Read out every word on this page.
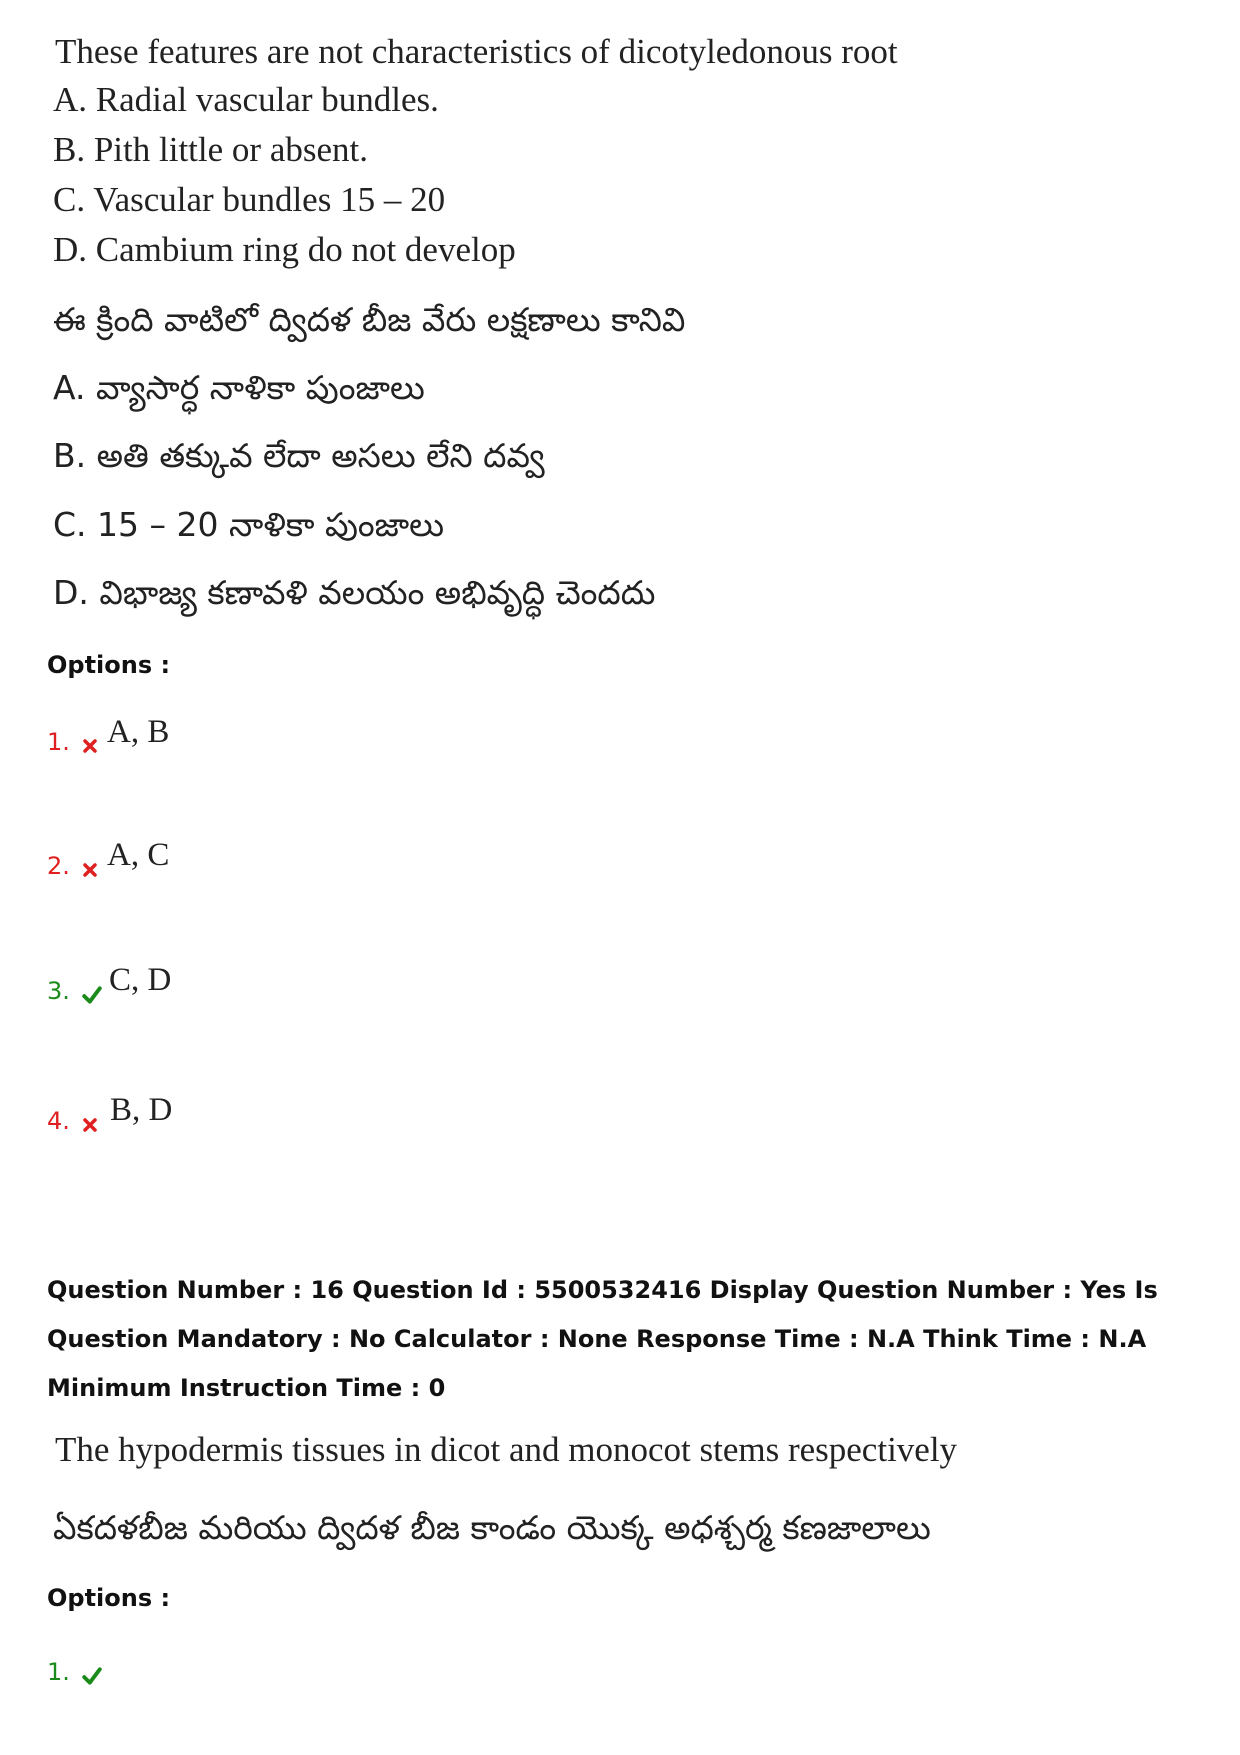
These features are not characteristics of dicotyledonous root
A. Radial vascular bundles.
B. Pith little or absent.
C. Vascular bundles 15 – 20
D. Cambium ring do not develop
ఈ క్రింది వాటిలో ద్విదళ బీజ వేరు లక్షణాలు కానివి
A. వ్యాసార్ధ నాళికా పుంజాలు
B. అతి తక్కువ లేదా అసలు లేని దవ్వ
C. 15 – 20 నాళికా పుంజాలు
D. విభాజ్య కణావళి వలయం అభివృద్ధి చెందదు
Options :
1.	A, B
2.	A, C
3.	C, D
4.	B, D
Question Number : 16 Question Id : 5500532416 Display Question Number : Yes Is Question Mandatory : No Calculator : None Response Time : N.A Think Time : N.A Minimum Instruction Time : 0
The hypodermis tissues in dicot and monocot stems respectively
ఏకదళబీజ మరియు ద్విదళ బీజ కాండం యొక్క అధశ్చర్మ కణజాలాలు
Options :
1.
